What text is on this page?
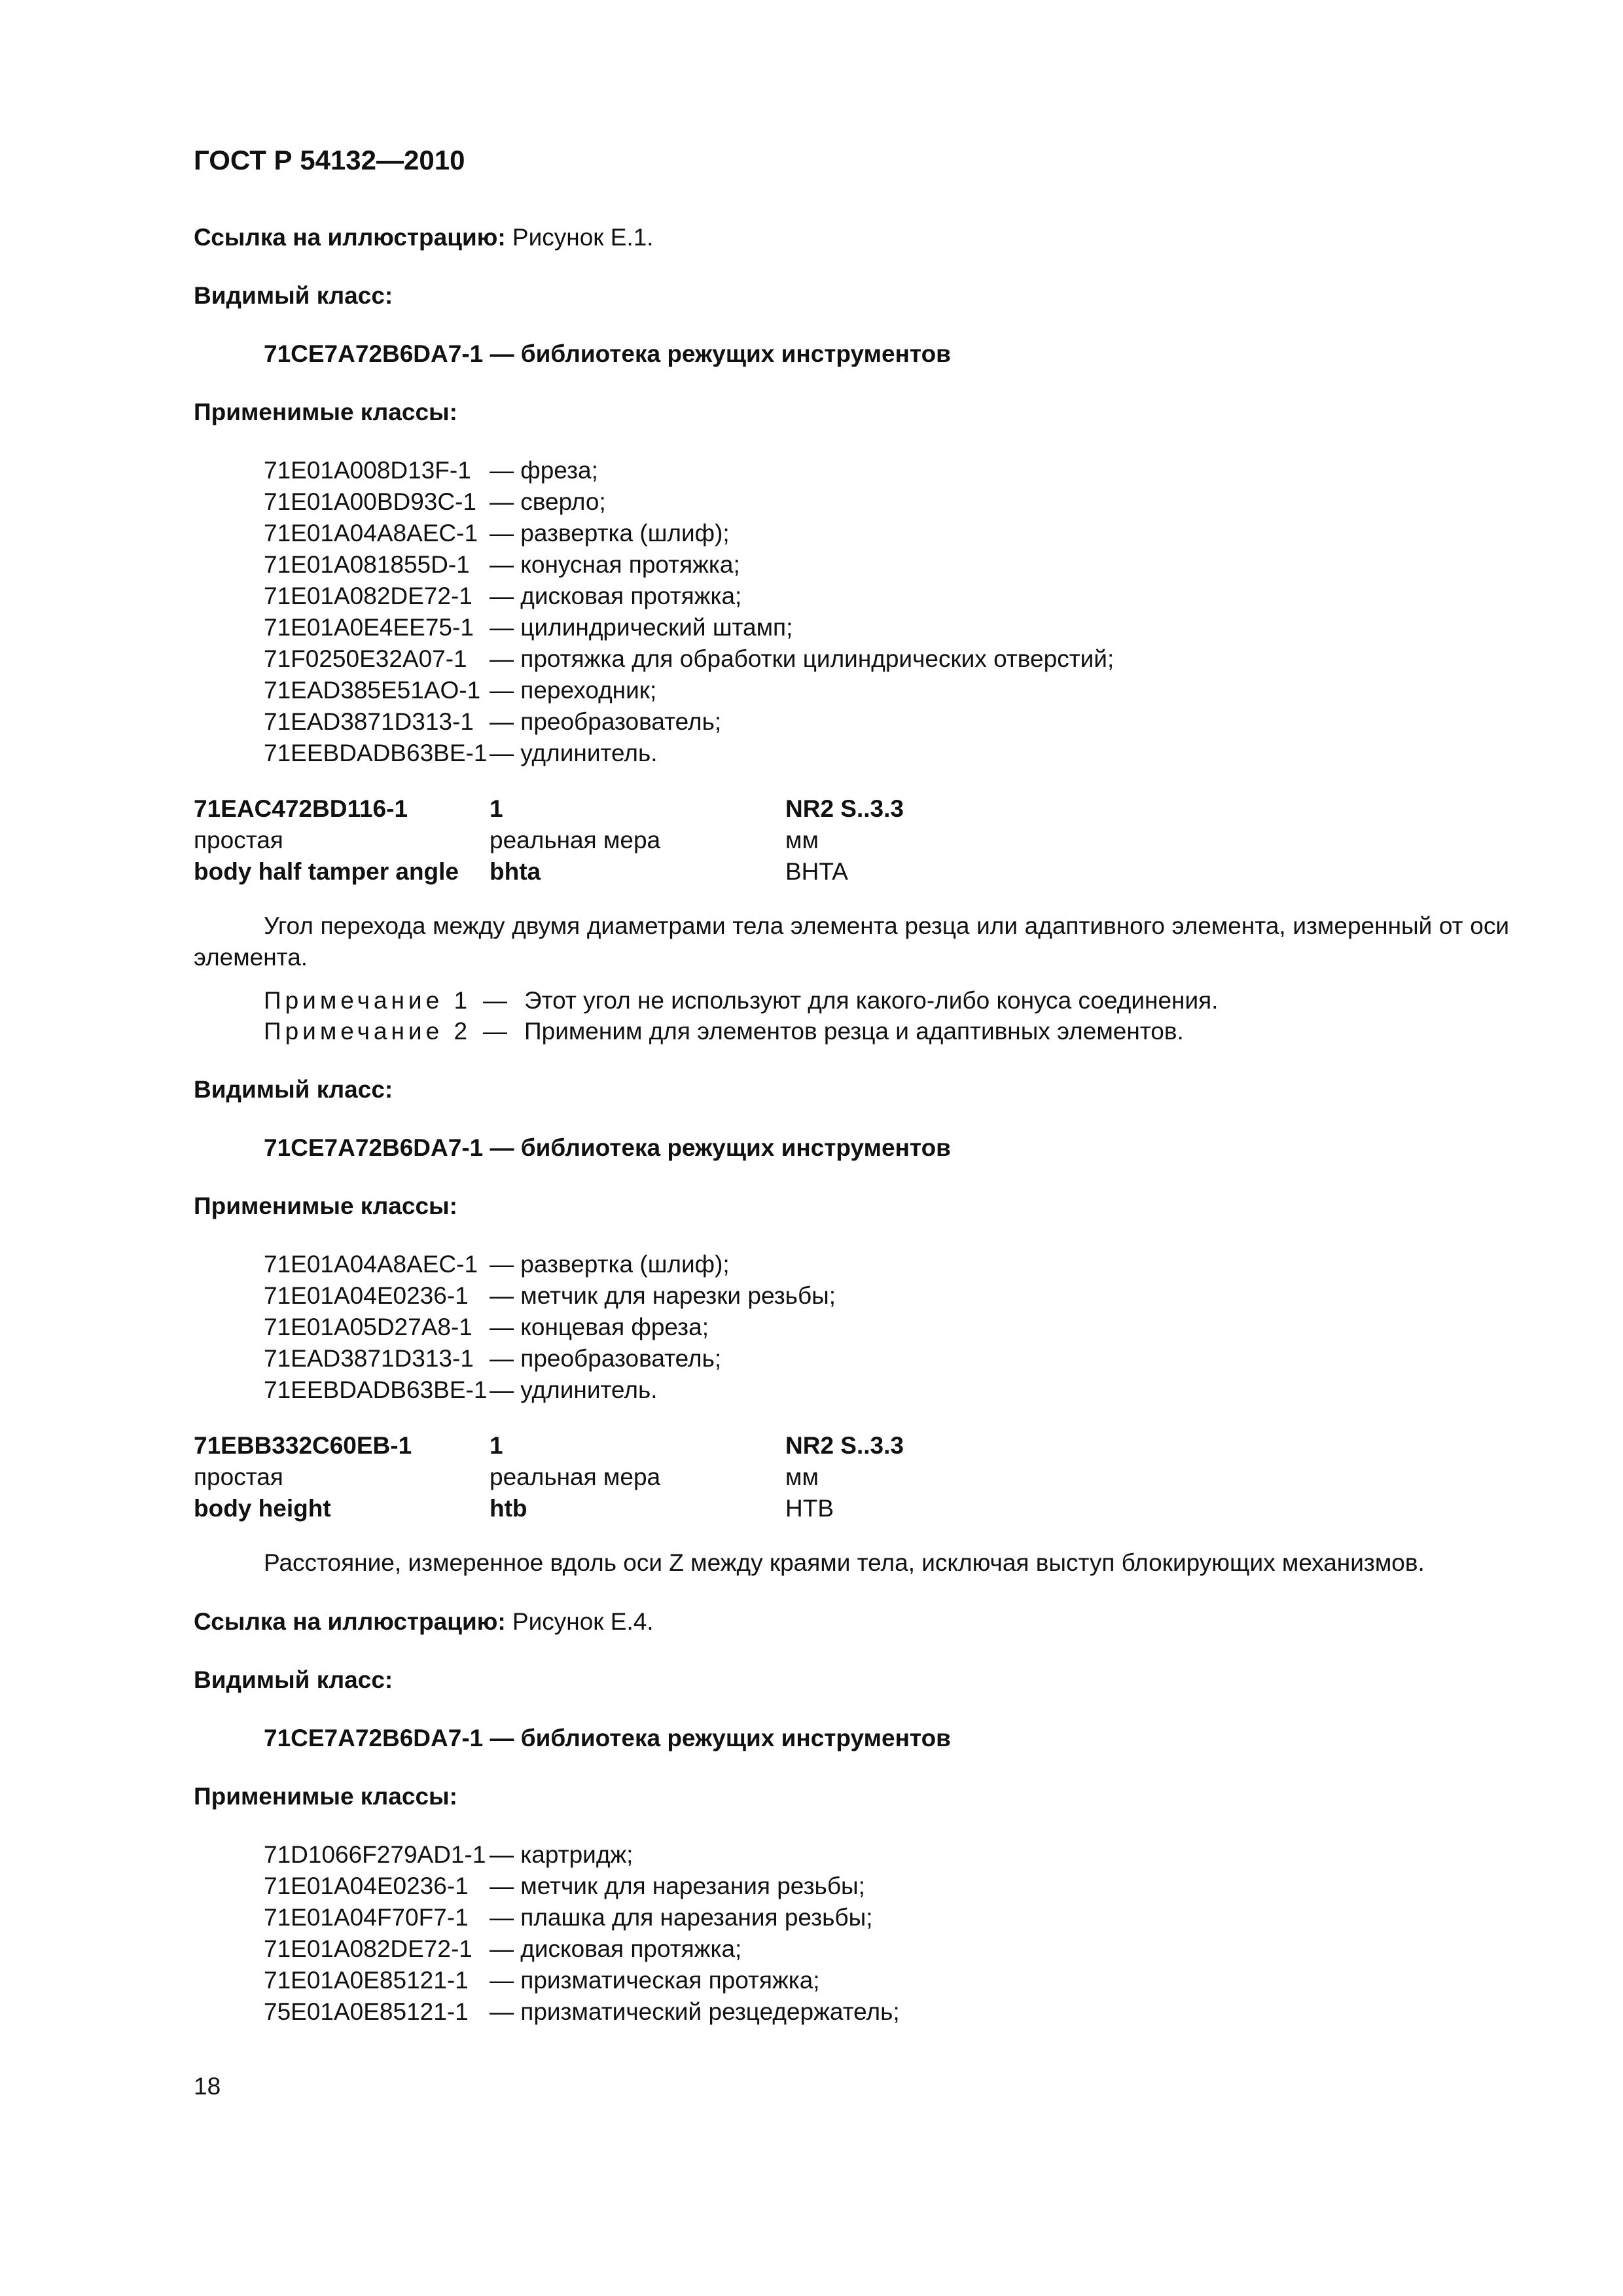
ГОСТ Р 54132—2010
Ссылка на иллюстрацию: Рисунок Е.1.
Видимый класс:
71CE7A72B6DA7-1 — библиотека режущих инструментов
Применимые классы:
71E01A008D13F-1 — фреза;
71E01A00BD93C-1 — сверло;
71E01A04A8AEC-1 — развертка (шлиф);
71E01A081855D-1 — конусная протяжка;
71E01A082DE72-1 — дисковая протяжка;
71E01A0E4EE75-1 — цилиндрический штамп;
71F0250E32A07-1 — протяжка для обработки цилиндрических отверстий;
71EAD385E51AO-1 — переходник;
71EAD3871D313-1 — преобразователь;
71EEBDADB63BE-1 — удлинитель.
71EAC472BD116-1	1	NR2 S..3.3
простая	реальная мера	мм
body half tamper angle	bhta	BHTA
Угол перехода между двумя диаметрами тела элемента резца или адаптивного элемента, измеренный от оси элемента.
Примечание 1 — Этот угол не используют для какого-либо конуса соединения.
Примечание 2 — Применим для элементов резца и адаптивных элементов.
Видимый класс:
71CE7A72B6DA7-1 — библиотека режущих инструментов
Применимые классы:
71E01A04A8AEC-1 — развертка (шлиф);
71E01A04E0236-1 — метчик для нарезки резьбы;
71E01A05D27A8-1 — концевая фреза;
71EAD3871D313-1 — преобразователь;
71EEBDADB63BE-1 — удлинитель.
71EBB332C60EB-1	1	NR2 S..3.3
простая	реальная мера	мм
body height	htb	HTB
Расстояние, измеренное вдоль оси Z между краями тела, исключая выступ блокирующих механизмов.
Ссылка на иллюстрацию: Рисунок Е.4.
Видимый класс:
71CE7A72B6DA7-1 — библиотека режущих инструментов
Применимые классы:
71D1066F279AD1-1 — картридж;
71E01A04E0236-1 — метчик для нарезания резьбы;
71E01A04F70F7-1 — плашка для нарезания резьбы;
71E01A082DE72-1 — дисковая протяжка;
71E01A0E85121-1 — призматическая протяжка;
75E01A0E85121-1 — призматический резцедержатель;
18
